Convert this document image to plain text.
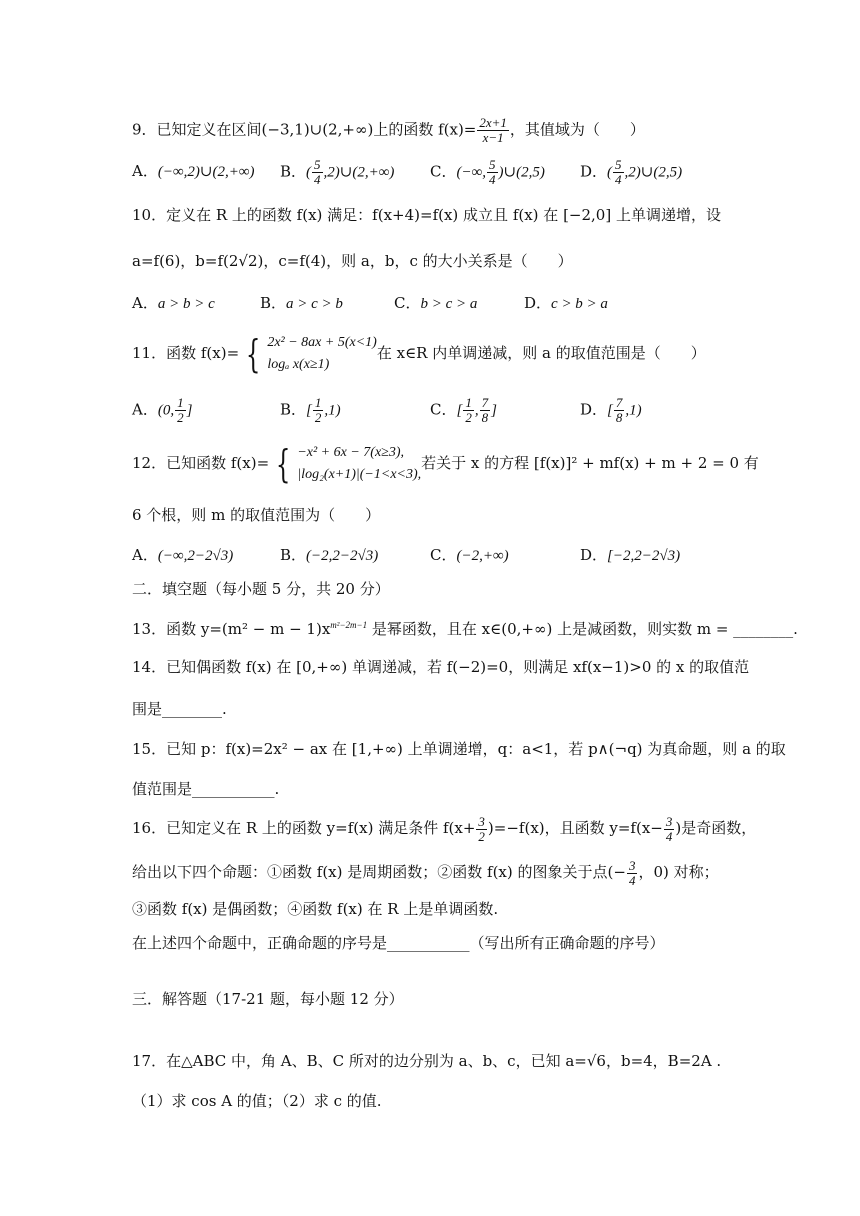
9．已知定义在区间(−3,1)∪(2,+∞)上的函数 $f(x)= \frac{2x+1}{x-1}$ ，其值域为（　　）
A．(−∞,2)∪(2,+∞) B．( $\frac{5}{4}$ ,2)∪(2,+∞) C．(−∞, $\frac{5}{4}$ )∪(2,5) D．( $\frac{5}{4}$ ,2)∪(2,5)
10．定义在 R 上的函数 f(x) 满足：f(x+4)=f(x) 成立且 f(x) 在 [−2,0] 上单调递增，设
a=f(6)，b=f(2√2)，c=f(4)，则 a，b，c 的大小关系是（　　）
A．a > b > c	B．a > c > b	C．b > c > a	D．c > b > a
11．函数 f(x)= { 2x² − 8ax + 5(x<1)
logₐ x(x≥1)
在 x∈R 内单调递减，则 a 的取值范围是（　　）
A．(0, $\frac{1}{2}$ ]	B．[ $\frac{1}{2} ,1$)	C．[ $\frac{1}{2}$ , $\frac{7}{8}$ ]	D．[ $\frac{7}{8} ,1$)
12．已知函数 f(x)= { −x² + 6x − 7(x≥3),
|log₂(x+1)|(−1<x<3),
若关于 x 的方程 [f(x)]² + mf(x) + m + 2 = 0 有
6 个根，则 m 的取值范围为（　　）
A．(−∞,2−2√3)	B．(−2,2−2√3)	C．(−2,+∞)	D．[−2,2−2√3)
二．填空题（每小题 5 分，共 20 分）
13．函数 $y=(m^2 - m - 1)x^{m^2-2m-1}$ 是幂函数，且在 x∈(0,+∞) 上是减函数，则实数 m = ________.
14．已知偶函数 f(x) 在 [0,+∞) 单调递减，若 f(−2)=0，则满足 xf(x−1)>0 的 x 的取值范
围是________.
15．已知 p：f(x)=2x² − ax 在 [1,+∞) 上单调递增，q：a<1，若 p∧(¬q) 为真命题，则 a 的取
值范围是___________.
16．已知定义在 R 上的函数 y=f(x) 满足条件 $f(x+ \frac{3}{2} )=-f(x)$，且函数 $y=f(x- \frac{3}{4}$ )是奇函数，
给出以下四个命题：①函数 f(x) 是周期函数；②函数 f(x) 的图象关于点(− $\frac{3}{4}$ ，0) 对称；
③函数 f(x) 是偶函数；④函数 f(x) 在 R 上是单调函数.
在上述四个命题中，正确命题的序号是___________（写出所有正确命题的序号）
三．解答题（17-21 题，每小题 12 分）
17．在△ABC 中，角 A、B、C 所对的边分别为 a、b、c，已知 a=√6，b=4，B=2A .
（1）求 cos A 的值；（2）求 c 的值.
